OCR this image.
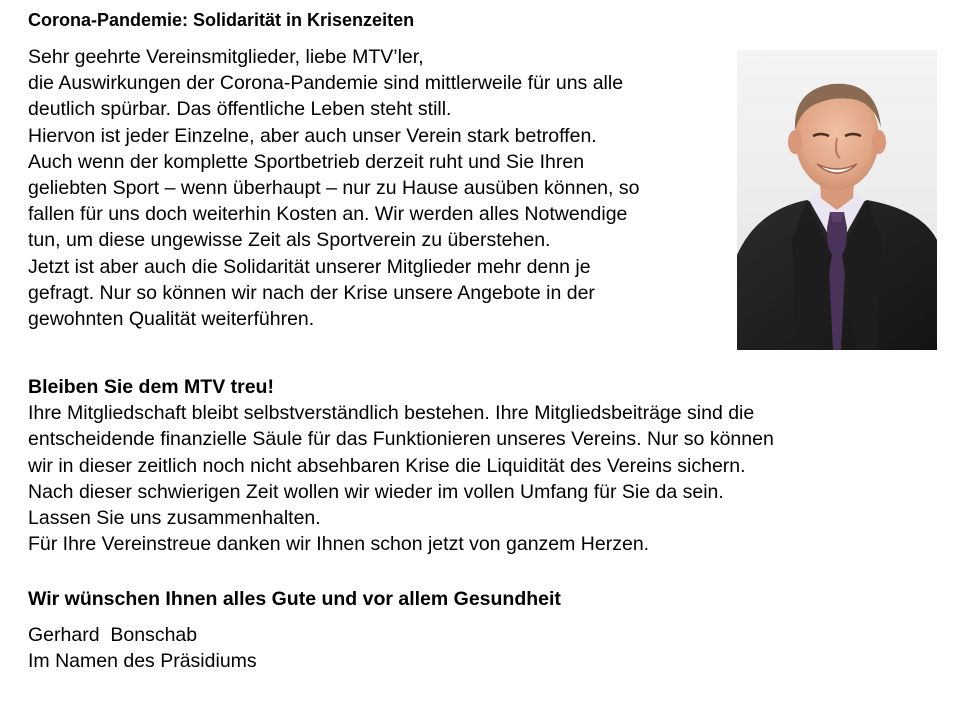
Corona-Pandemie: Solidarität in Krisenzeiten
Sehr geehrte Vereinsmitglieder, liebe MTV’ler,
die Auswirkungen der Corona-Pandemie sind mittlerweile für uns alle
deutlich spürbar. Das öffentliche Leben steht still.
Hiervon ist jeder Einzelne, aber auch unser Verein stark betroffen.
Auch wenn der komplette Sportbetrieb derzeit ruht und Sie Ihren
geliebten Sport – wenn überhaupt – nur zu Hause ausüben können, so
fallen für uns doch weiterhin Kosten an. Wir werden alles Notwendige
tun, um diese ungewisse Zeit als Sportverein zu überstehen.
Jetzt ist aber auch die Solidarität unserer Mitglieder mehr denn je
gefragt. Nur so können wir nach der Krise unsere Angebote in der
gewohnten Qualität weiterführen.
Bleiben Sie dem MTV treu!
Ihre Mitgliedschaft bleibt selbstverständlich bestehen. Ihre Mitgliedsbeiträge sind die
entscheidende finanzielle Säule für das Funktionieren unseres Vereins. Nur so können
wir in dieser zeitlich noch nicht absehbaren Krise die Liquidität des Vereins sichern.
Nach dieser schwierigen Zeit wollen wir wieder im vollen Umfang für Sie da sein.
Lassen Sie uns zusammenhalten.
Für Ihre Vereinstreue danken wir Ihnen schon jetzt von ganzem Herzen.
Wir wünschen Ihnen alles Gute und vor allem Gesundheit
Gerhard  Bonschab
Im Namen des Präsidiums
